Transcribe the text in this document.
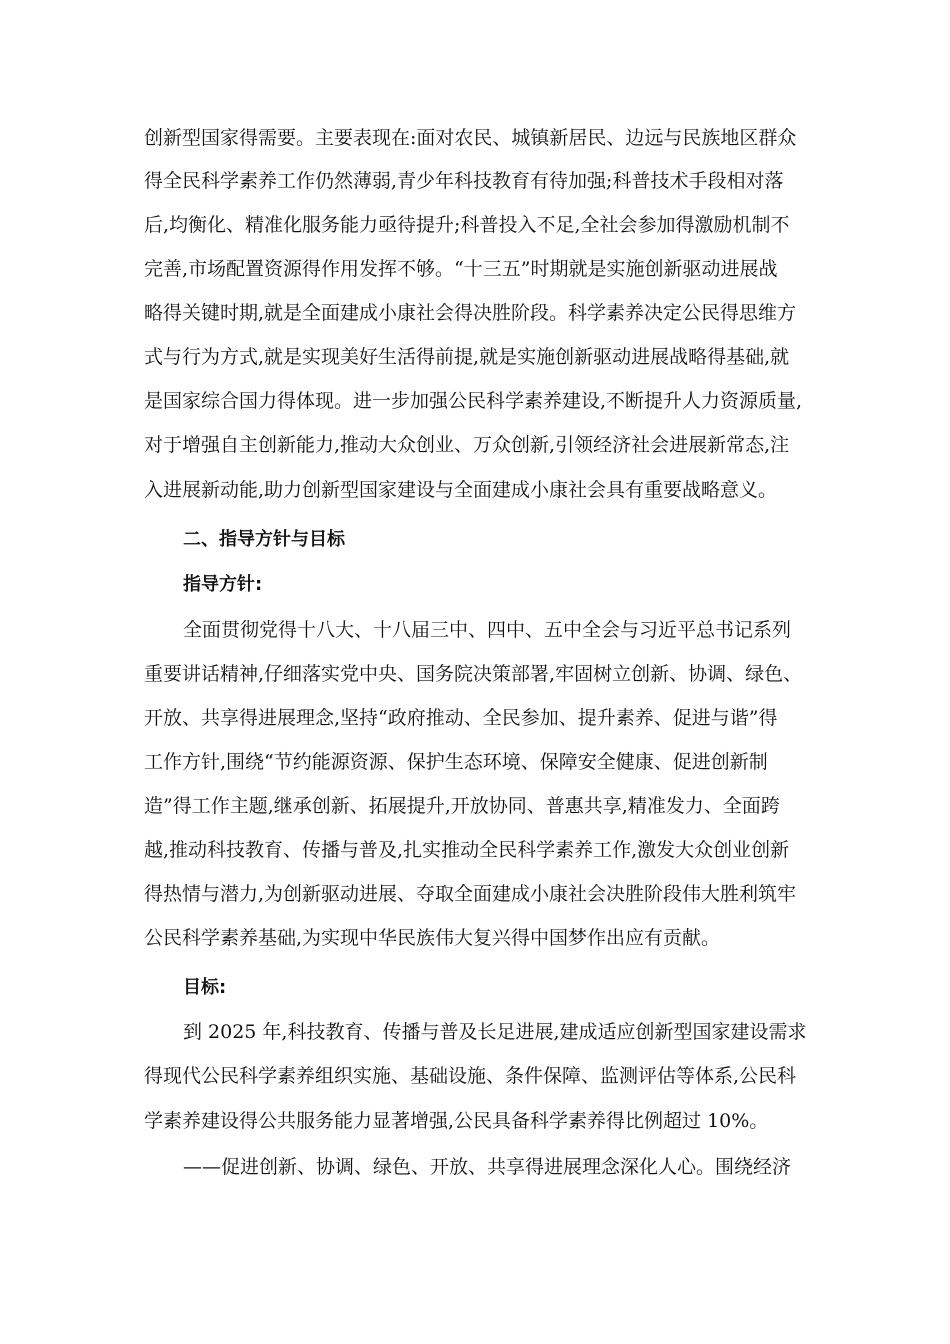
创新型国家得需要。主要表现在:面对农民、城镇新居民、边远与民族地区群众
得全民科学素养工作仍然薄弱,青少年科技教育有待加强;科普技术手段相对落
后,均衡化、精准化服务能力亟待提升;科普投入不足,全社会参加得激励机制不
完善,市场配置资源得作用发挥不够。“十三五”时期就是实施创新驱动进展战
略得关键时期,就是全面建成小康社会得决胜阶段。科学素养决定公民得思维方
式与行为方式,就是实现美好生活得前提,就是实施创新驱动进展战略得基础,就
是国家综合国力得体现。进一步加强公民科学素养建设,不断提升人力资源质量,
对于增强自主创新能力,推动大众创业、万众创新,引领经济社会进展新常态,注
入进展新动能,助力创新型国家建设与全面建成小康社会具有重要战略意义。
二、指导方针与目标
指导方针:
全面贯彻党得十八大、十八届三中、四中、五中全会与习近平总书记系列
重要讲话精神,仔细落实党中央、国务院决策部署,牢固树立创新、协调、绿色、
开放、共享得进展理念,坚持“政府推动、全民参加、提升素养、促进与谐”得
工作方针,围绕“节约能源资源、保护生态环境、保障安全健康、促进创新制
造”得工作主题,继承创新、拓展提升,开放协同、普惠共享,精准发力、全面跨
越,推动科技教育、传播与普及,扎实推动全民科学素养工作,激发大众创业创新
得热情与潜力,为创新驱动进展、夺取全面建成小康社会决胜阶段伟大胜利筑牢
公民科学素养基础,为实现中华民族伟大复兴得中国梦作出应有贡献。
目标:
到 2025 年,科技教育、传播与普及长足进展,建成适应创新型国家建设需求
得现代公民科学素养组织实施、基础设施、条件保障、监测评估等体系,公民科
学素养建设得公共服务能力显著增强,公民具备科学素养得比例超过 10%。
——促进创新、协调、绿色、开放、共享得进展理念深化人心。围绕经济
